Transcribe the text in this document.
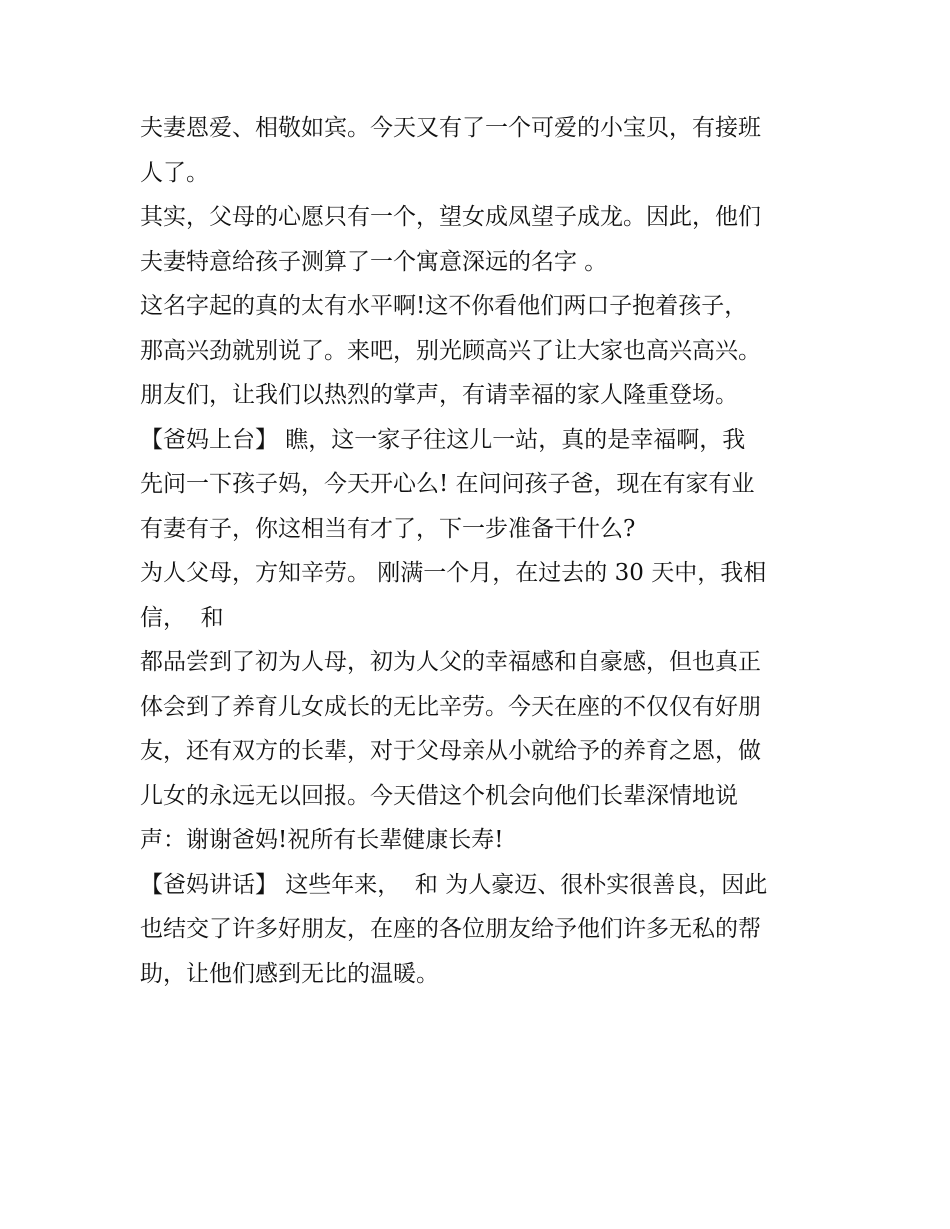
夫妻恩爱、相敬如宾。今天又有了一个可爱的小宝贝，有接班
人了。
其实，父母的心愿只有一个，望女成凤望子成龙。因此，他们
夫妻特意给孩子测算了一个寓意深远的名字 。
这名字起的真的太有水平啊!这不你看他们两口子抱着孩子，
那高兴劲就别说了。来吧，别光顾高兴了让大家也高兴高兴。
朋友们，让我们以热烈的掌声，有请幸福的家人隆重登场。
【爸妈上台】 瞧，这一家子往这儿一站，真的是幸福啊，我
先问一下孩子妈，今天开心么! 在问问孩子爸，现在有家有业
有妻有子，你这相当有才了，下一步准备干什么?
为人父母，方知辛劳。 刚满一个月，在过去的 30 天中，我相
信，  和
都品尝到了初为人母，初为人父的幸福感和自豪感，但也真正
体会到了养育儿女成长的无比辛劳。今天在座的不仅仅有好朋
友，还有双方的长辈，对于父母亲从小就给予的养育之恩，做
儿女的永远无以回报。今天借这个机会向他们长辈深情地说
声：谢谢爸妈!祝所有长辈健康长寿!
【爸妈讲话】 这些年来，  和 为人豪迈、很朴实很善良，因此
也结交了许多好朋友，在座的各位朋友给予他们许多无私的帮
助，让他们感到无比的温暖。
